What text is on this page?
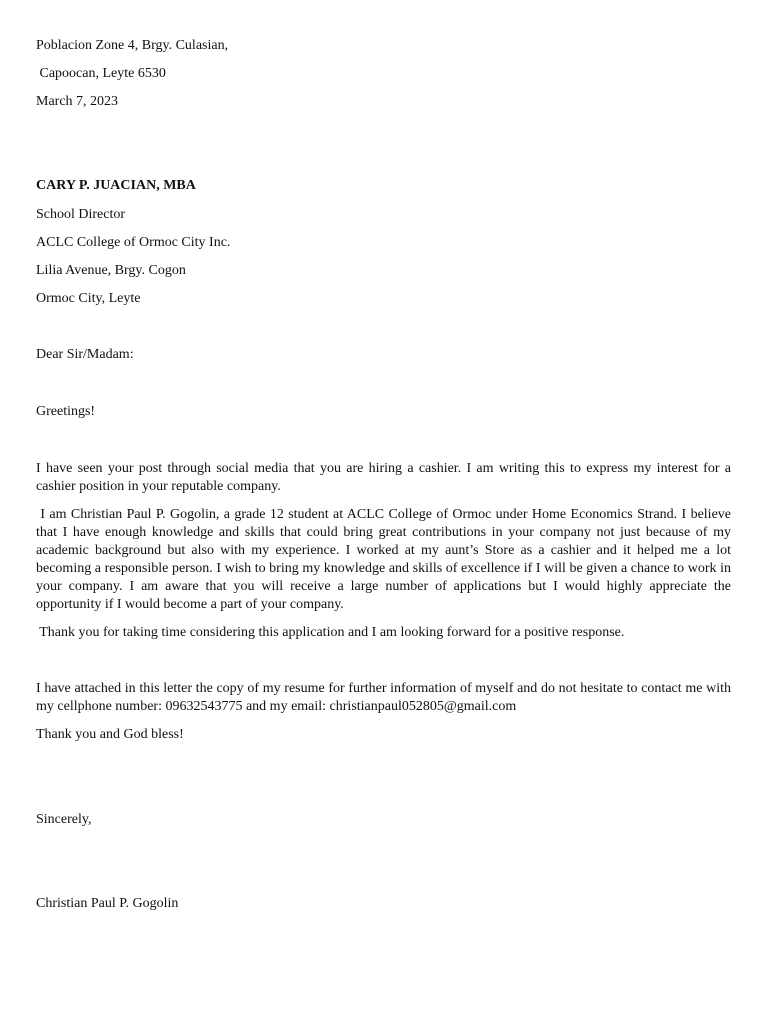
Poblacion Zone 4, Brgy. Culasian,
Capoocan, Leyte 6530
March 7, 2023
CARY P. JUACIAN, MBA
School Director
ACLC College of Ormoc City Inc.
Lilia Avenue, Brgy. Cogon
Ormoc City, Leyte
Dear Sir/Madam:
Greetings!
I have seen your post through social media that you are hiring a cashier. I am writing this to express my interest for a cashier position in your reputable company.
I am Christian Paul P. Gogolin, a grade 12 student at ACLC College of Ormoc under Home Economics Strand. I believe that I have enough knowledge and skills that could bring great contributions in your company not just because of my academic background but also with my experience. I worked at my aunt’s Store as a cashier and it helped me a lot becoming a responsible person. I wish to bring my knowledge and skills of excellence if I will be given a chance to work in your company. I am aware that you will receive a large number of applications but I would highly appreciate the opportunity if I would become a part of your company.
Thank you for taking time considering this application and I am looking forward for a positive response.
I have attached in this letter the copy of my resume for further information of myself and do not hesitate to contact me with my cellphone number: 09632543775 and my email: christianpaul052805@gmail.com
Thank you and God bless!
Sincerely,
Christian Paul P. Gogolin
